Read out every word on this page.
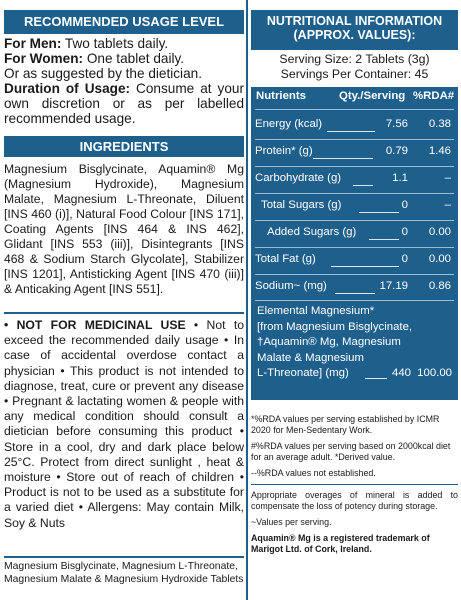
RECOMMENDED USAGE LEVEL
For Men: Two tablets daily.
For Women: One tablet daily.
Or as suggested by the dietician.
Duration of Usage: Consume at your own discretion or as per labelled recommended usage.
INGREDIENTS
Magnesium Bisglycinate, Aquamin® Mg (Magnesium Hydroxide), Magnesium Malate, Magnesium L-Threonate, Diluent [INS 460 (i)], Natural Food Colour [INS 171], Coating Agents [INS 464 & INS 462], Glidant [INS 553 (iii)], Disintegrants [INS 468 & Sodium Starch Glycolate], Stabilizer [INS 1201], Antisticking Agent [INS 470 (iii)] & Anticaking Agent [INS 551].
• NOT FOR MEDICINAL USE • Not to exceed the recommended daily usage • In case of accidental overdose contact a physician • This product is not intended to diagnose, treat, cure or prevent any disease • Pregnant & lactating women & people with any medical condition should consult a dietician before consuming this product • Store in a cool, dry and dark place below 25°C. Protect from direct sunlight , heat & moisture • Store out of reach of children • Product is not to be used as a substitute for a varied diet • Allergens: May contain Milk, Soy & Nuts
Magnesium Bisglycinate, Magnesium L-Threonate, Magnesium Malate & Magnesium Hydroxide Tablets
NUTRITIONAL INFORMATION
(APPROX. VALUES):
Serving Size: 2 Tablets (3g)
Servings Per Container: 45
Nutrients	Qty./Serving %RDA#
Energy (kcal)	7.56	0.38
Protein* (g)	0.79	1.46
Carbohydrate (g)	1.1	–
Total Sugars (g)	0	–
Added Sugars (g)	0	0.00
Total Fat (g)	0	0.00
Sodium~ (mg)	17.19	0.86
Elemental Magnesium*
[from Magnesium Bisglycinate,
†Aquamin® Mg, Magnesium
Malate & Magnesium
L-Threonate] (mg)	440 100.00

*%RDA values per serving established by ICMR 2020 for Men-Sedentary Work.

#%RDA values per serving based on 2000kcal diet for an average adult. *Derived value.

--%RDA values not established.

Appropriate overages of mineral is added to compensate the loss of potency during storage.

~Values per serving.

Aquamin® Mg is a registered trademark of Marigot Ltd. of Cork, Ireland.
